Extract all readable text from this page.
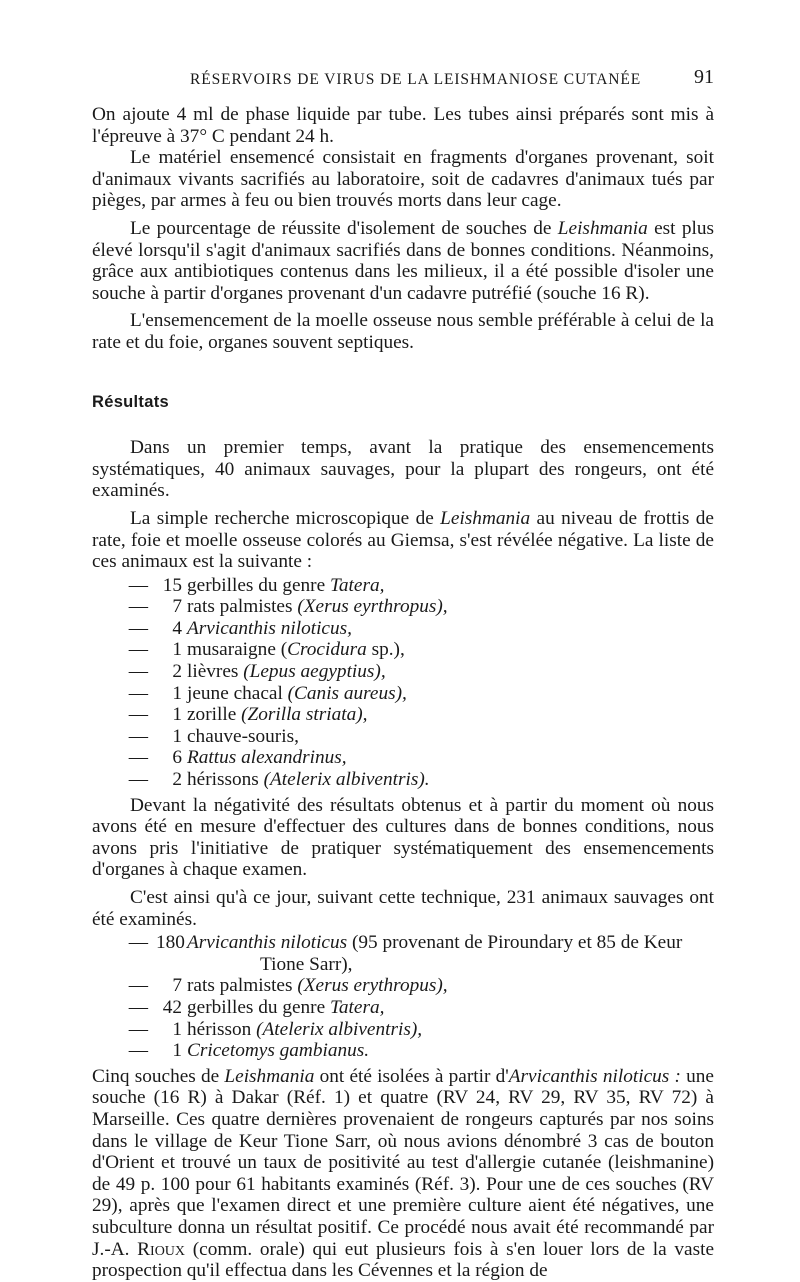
RÉSERVOIRS DE VIRUS DE LA LEISHMANIOSE CUTANÉE	91

On ajoute 4 ml de phase liquide par tube. Les tubes ainsi préparés sont mis à l'épreuve à 37° C pendant 24 h.

Le matériel ensemencé consistait en fragments d'organes provenant, soit d'animaux vivants sacrifiés au laboratoire, soit de cadavres d'animaux tués par pièges, par armes à feu ou bien trouvés morts dans leur cage.

Le pourcentage de réussite d'isolement de souches de Leishmania est plus élevé lorsqu'il s'agit d'animaux sacrifiés dans de bonnes conditions. Néanmoins, grâce aux antibiotiques contenus dans les milieux, il a été possible d'isoler une souche à partir d'organes provenant d'un cadavre putréfié (souche 16 R).

L'ensemencement de la moelle osseuse nous semble préférable à celui de la rate et du foie, organes souvent septiques.

Résultats

Dans un premier temps, avant la pratique des ensemencements systématiques, 40 animaux sauvages, pour la plupart des rongeurs, ont été examinés.

La simple recherche microscopique de Leishmania au niveau de frottis de rate, foie et moelle osseuse colorés au Giemsa, s'est révélée négative. La liste de ces animaux est la suivante :

— 15 gerbilles du genre Tatera,
— 7 rats palmistes (Xerus eyrthropus),
— 4 Arvicanthis niloticus,
— 1 musaraigne (Crocidura sp.),
— 2 lièvres (Lepus aegyptius),
— 1 jeune chacal (Canis aureus),
— 1 zorille (Zorilla striata),
— 1 chauve-souris,
— 6 Rattus alexandrinus,
— 2 hérissons (Atelerix albiventris).

Devant la négativité des résultats obtenus et à partir du moment où nous avons été en mesure d'effectuer des cultures dans de bonnes conditions, nous avons pris l'initiative de pratiquer systématiquement des ensemencements d'organes à chaque examen.

C'est ainsi qu'à ce jour, suivant cette technique, 231 animaux sauvages ont été examinés.

— 180 Arvicanthis niloticus (95 provenant de Piroundary et 85 de Keur
Tione Sarr),
— 7 rats palmistes (Xerus erythropus),
— 42 gerbilles du genre Tatera,
— 1 hérisson (Atelerix albiventris),
— 1 Cricetomys gambianus.

Cinq souches de Leishmania ont été isolées à partir d'Arvicanthis niloticus : une souche (16 R) à Dakar (Réf. 1) et quatre (RV 24, RV 29, RV 35, RV 72) à Marseille. Ces quatre dernières provenaient de rongeurs capturés par nos soins dans le village de Keur Tione Sarr, où nous avions dénombré 3 cas de bouton d'Orient et trouvé un taux de positivité au test d'allergie cutanée (leishmanine) de 49 p. 100 pour 61 habitants examinés (Réf. 3). Pour une de ces souches (RV 29), après que l'examen direct et une première culture aient été négatives, une subculture donna un résultat positif. Ce procédé nous avait été recommandé par J.-A. Rioux (comm. orale) qui eut plusieurs fois à s'en louer lors de la vaste prospection qu'il effectua dans les Cévennes et la région de
